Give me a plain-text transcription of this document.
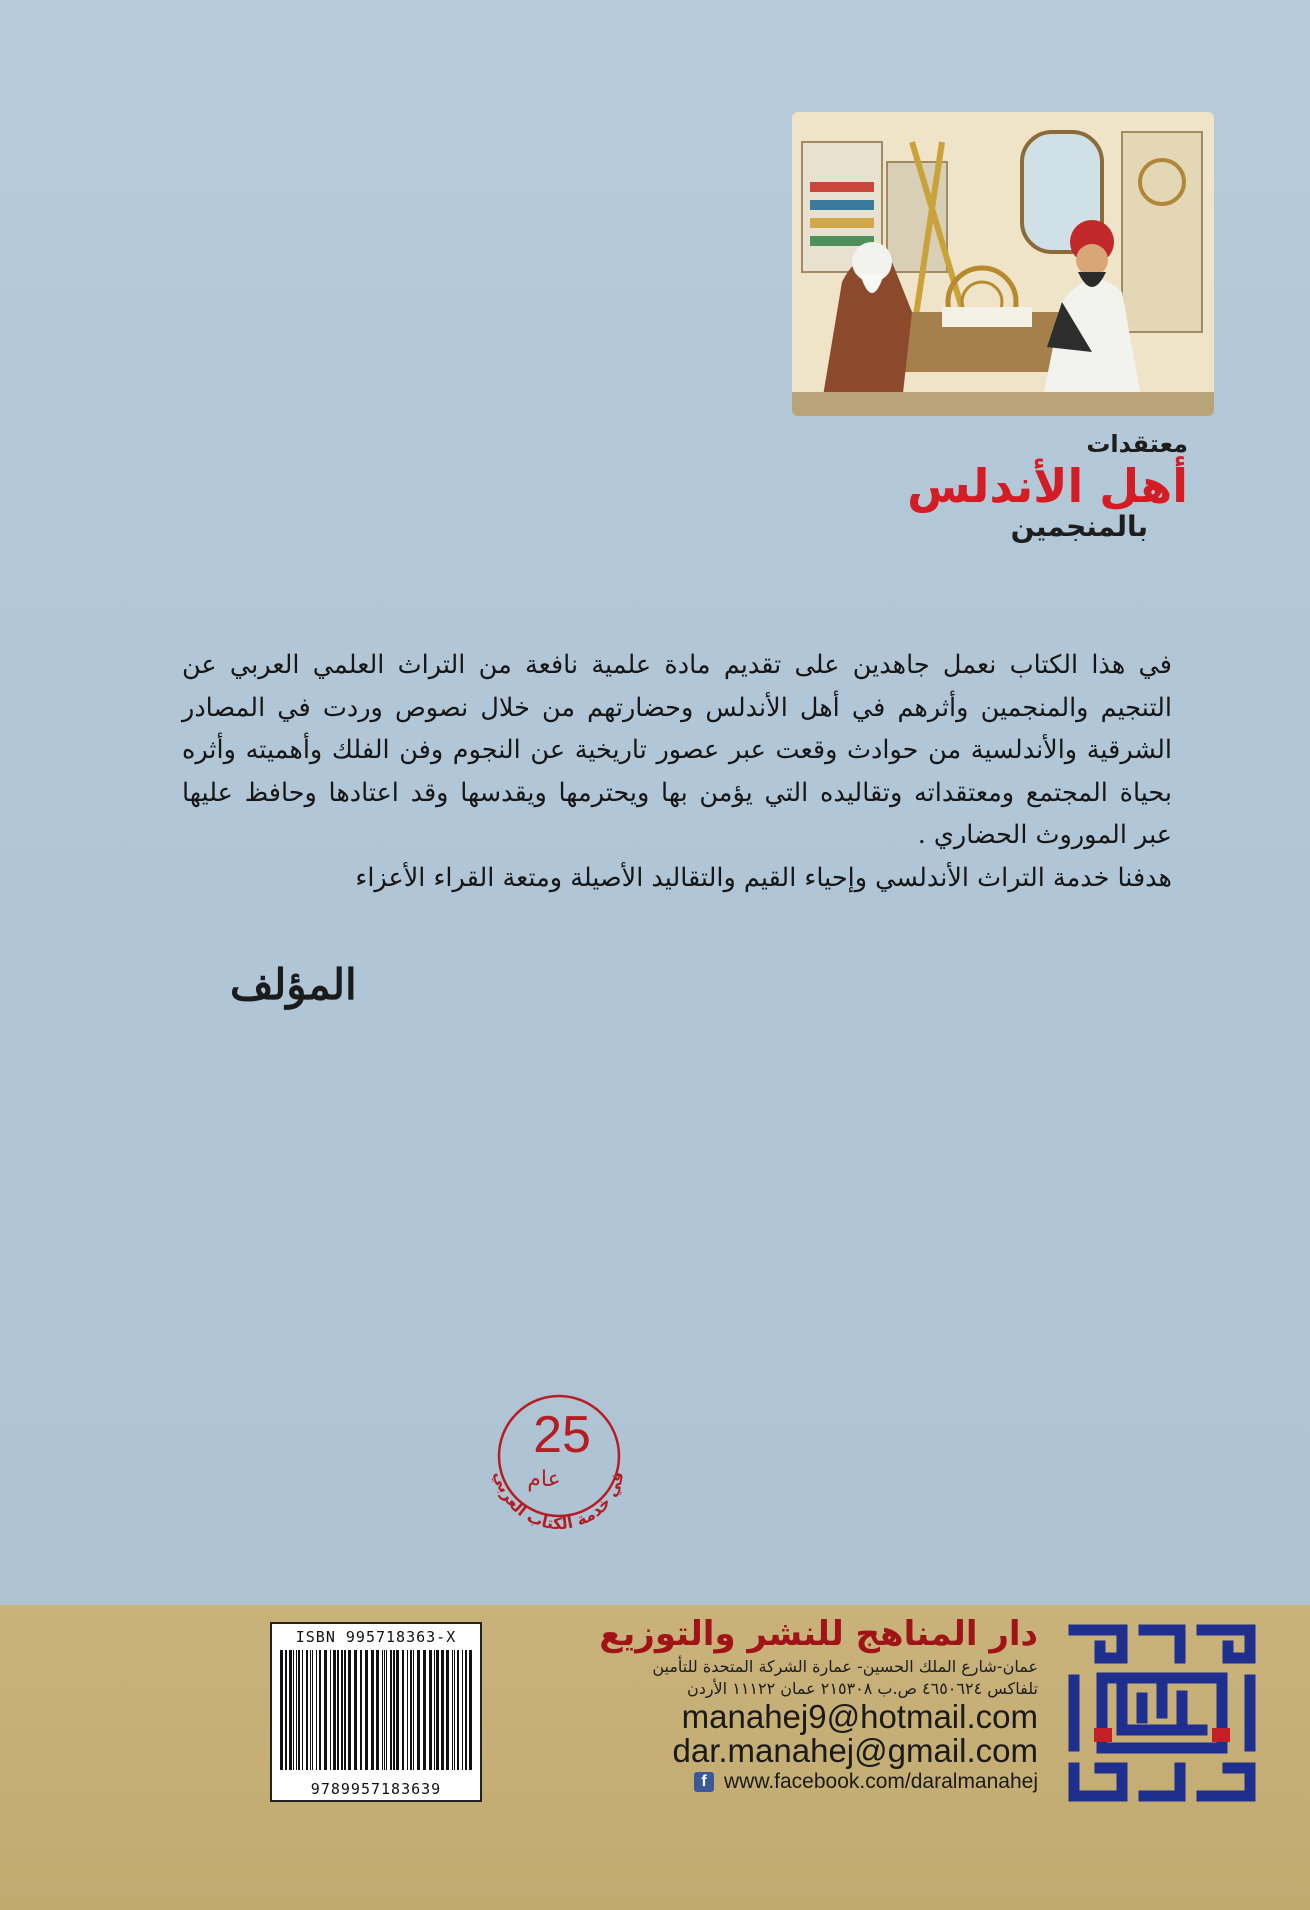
معتقدات
أهل الأندلس
بالمنجمين

في هذا الكتاب نعمل جاهدين على تقديم مادة علمية نافعة من التراث العلمي العربي عن التنجيم والمنجمين وأثرهم في أهل الأندلس وحضارتهم من خلال نصوص وردت في المصادر الشرقية والأندلسية من حوادث وقعت عبر عصور تاريخية عن النجوم وفن الفلك وأهميته وأثره بحياة المجتمع ومعتقداته وتقاليده التي يؤمن بها ويحترمها ويقدسها وقد اعتادها وحافظ عليها عبر الموروث الحضاري .

هدفنا خدمة التراث الأندلسي وإحياء القيم والتقاليد الأصيلة ومتعة القراء الأعزاء

المؤلف
25
عام
في خدمة الكتاب العربي
ISBN 995718363-X
9789957183639
دار المناهج للنشر والتوزيع
عمان-شارع الملك الحسين- عمارة الشركة المتحدة للتأمين
تلفاكس ٤٦٥٠٦٢٤ ص.ب ٢١٥٣٠٨ عمان ١١١٢٢ الأردن
manahej9@hotmail.com
dar.manahej@gmail.com
f www.facebook.com/daralmanahej
